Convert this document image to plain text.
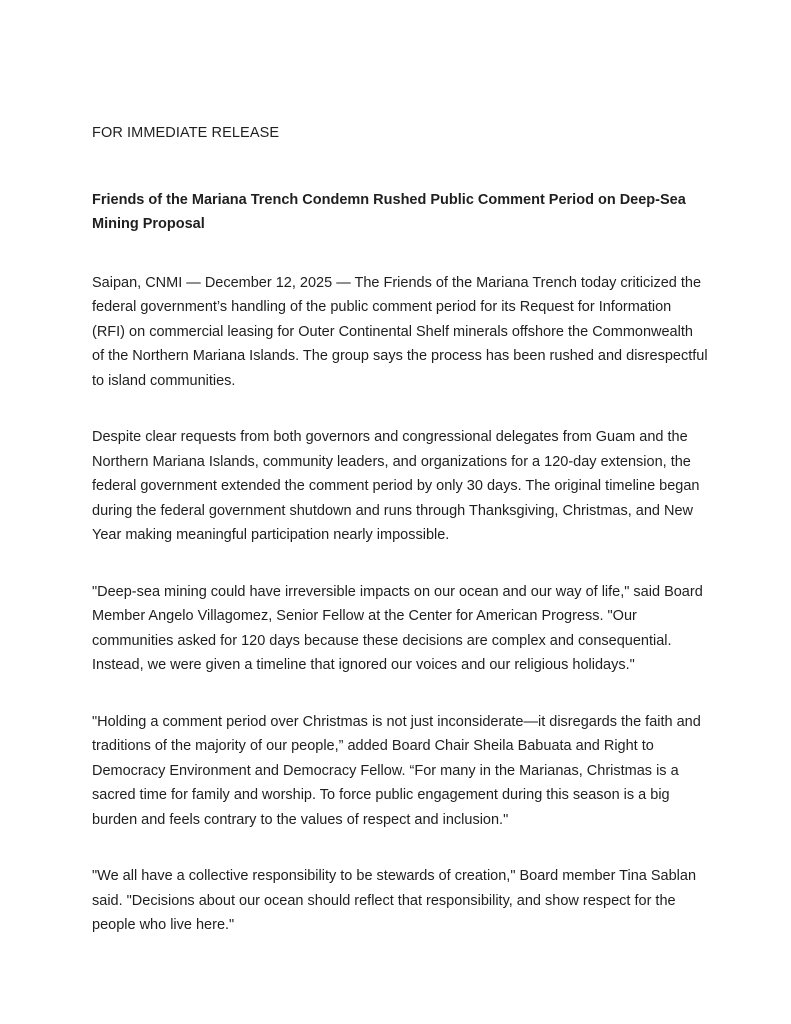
FOR IMMEDIATE RELEASE
Friends of the Mariana Trench Condemn Rushed Public Comment Period on Deep-Sea Mining Proposal

Saipan, CNMI — December 12, 2025 — The Friends of the Mariana Trench today criticized the federal government’s handling of the public comment period for its Request for Information (RFI) on commercial leasing for Outer Continental Shelf minerals offshore the Commonwealth of the Northern Mariana Islands. The group says the process has been rushed and disrespectful to island communities.

Despite clear requests from both governors and congressional delegates from Guam and the Northern Mariana Islands, community leaders, and organizations for a 120-day extension, the federal government extended the comment period by only 30 days. The original timeline began during the federal government shutdown and runs through Thanksgiving, Christmas, and New Year making meaningful participation nearly impossible.

"Deep-sea mining could have irreversible impacts on our ocean and our way of life," said Board Member Angelo Villagomez, Senior Fellow at the Center for American Progress. "Our communities asked for 120 days because these decisions are complex and consequential. Instead, we were given a timeline that ignored our voices and our religious holidays."

"Holding a comment period over Christmas is not just inconsiderate—it disregards the faith and traditions of the majority of our people,” added Board Chair Sheila Babuata and Right to Democracy Environment and Democracy Fellow. “For many in the Marianas, Christmas is a sacred time for family and worship. To force public engagement during this season is a big burden and feels contrary to the values of respect and inclusion."

"We all have a collective responsibility to be stewards of creation," Board member Tina Sablan said. "Decisions about our ocean should reflect that responsibility, and show respect for the people who live here."
